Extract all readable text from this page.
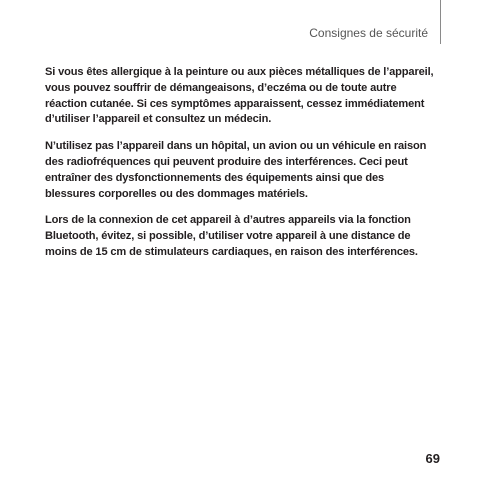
Consignes de sécurité

Si vous êtes allergique à la peinture ou aux pièces métalliques de l’appareil, vous pouvez souffrir de démangeaisons, d’eczéma ou de toute autre réaction cutanée. Si ces symptômes apparaissent, cessez immédiatement d’utiliser l’appareil et consultez un médecin.

N’utilisez pas l’appareil dans un hôpital, un avion ou un véhicule en raison des radiofréquences qui peuvent produire des interférences. Ceci peut entraîner des dysfonctionnements des équipements ainsi que des blessures corporelles ou des dommages matériels.

Lors de la connexion de cet appareil à d’autres appareils via la fonction Bluetooth, évitez, si possible, d’utiliser votre appareil à une distance de moins de 15 cm de stimulateurs cardiaques, en raison des interférences.

69
